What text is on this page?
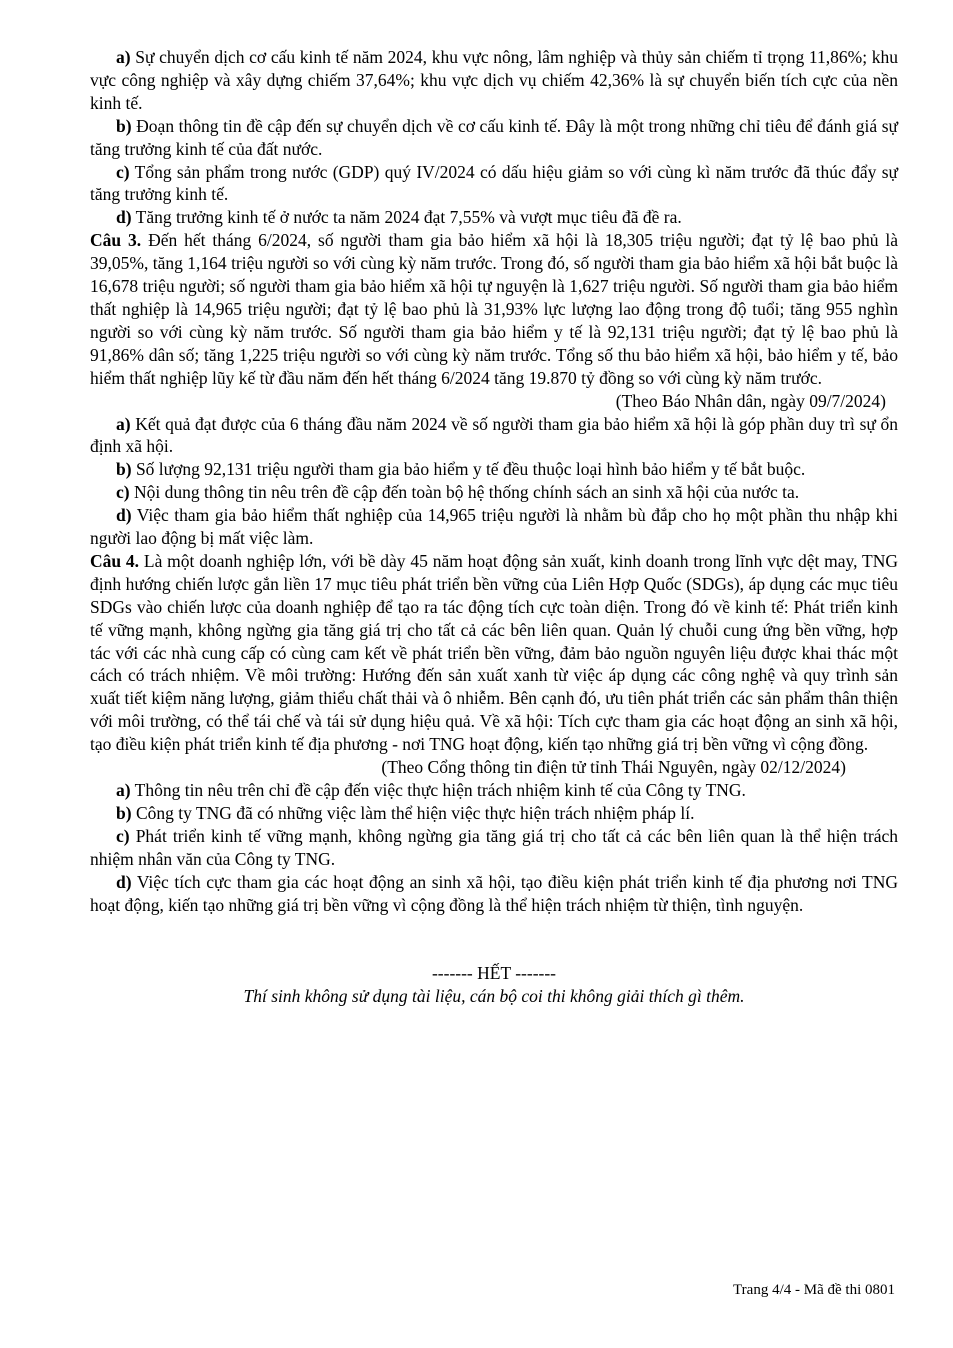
a) Sự chuyển dịch cơ cấu kinh tế năm 2024, khu vực nông, lâm nghiệp và thủy sản chiếm tỉ trọng 11,86%; khu vực công nghiệp và xây dựng chiếm 37,64%; khu vực dịch vụ chiếm 42,36% là sự chuyển biến tích cực của nền kinh tế.

b) Đoạn thông tin đề cập đến sự chuyển dịch về cơ cấu kinh tế. Đây là một trong những chỉ tiêu để đánh giá sự tăng trưởng kinh tế của đất nước.

c) Tổng sản phẩm trong nước (GDP) quý IV/2024 có dấu hiệu giảm so với cùng kì năm trước đã thúc đẩy sự tăng trưởng kinh tế.

d) Tăng trưởng kinh tế ở nước ta năm 2024 đạt 7,55% và vượt mục tiêu đã đề ra.

Câu 3. Đến hết tháng 6/2024, số người tham gia bảo hiểm xã hội là 18,305 triệu người; đạt tỷ lệ bao phủ là 39,05%, tăng 1,164 triệu người so với cùng kỳ năm trước. Trong đó, số người tham gia bảo hiểm xã hội bắt buộc là 16,678 triệu người; số người tham gia bảo hiểm xã hội tự nguyện là 1,627 triệu người. Số người tham gia bảo hiểm thất nghiệp là 14,965 triệu người; đạt tỷ lệ bao phủ là 31,93% lực lượng lao động trong độ tuổi; tăng 955 nghìn người so với cùng kỳ năm trước. Số người tham gia bảo hiểm y tế là 92,131 triệu người; đạt tỷ lệ bao phủ là 91,86% dân số; tăng 1,225 triệu người so với cùng kỳ năm trước. Tổng số thu bảo hiểm xã hội, bảo hiểm y tế, bảo hiểm thất nghiệp lũy kế từ đầu năm đến hết tháng 6/2024 tăng 19.870 tỷ đồng so với cùng kỳ năm trước.

(Theo Báo Nhân dân, ngày 09/7/2024)

a) Kết quả đạt được của 6 tháng đầu năm 2024 về số người tham gia bảo hiểm xã hội là góp phần duy trì sự ổn định xã hội.

b) Số lượng 92,131 triệu người tham gia bảo hiểm y tế đều thuộc loại hình bảo hiểm y tế bắt buộc.

c) Nội dung thông tin nêu trên đề cập đến toàn bộ hệ thống chính sách an sinh xã hội của nước ta.

d) Việc tham gia bảo hiểm thất nghiệp của 14,965 triệu người là nhằm bù đắp cho họ một phần thu nhập khi người lao động bị mất việc làm.

Câu 4. Là một doanh nghiệp lớn, với bề dày 45 năm hoạt động sản xuất, kinh doanh trong lĩnh vực dệt may, TNG định hướng chiến lược gắn liền 17 mục tiêu phát triển bền vững của Liên Hợp Quốc (SDGs), áp dụng các mục tiêu SDGs vào chiến lược của doanh nghiệp để tạo ra tác động tích cực toàn diện. Trong đó về kinh tế: Phát triển kinh tế vững mạnh, không ngừng gia tăng giá trị cho tất cả các bên liên quan. Quản lý chuỗi cung ứng bền vững, hợp tác với các nhà cung cấp có cùng cam kết về phát triển bền vững, đảm bảo nguồn nguyên liệu được khai thác một cách có trách nhiệm. Về môi trường: Hướng đến sản xuất xanh từ việc áp dụng các công nghệ và quy trình sản xuất tiết kiệm năng lượng, giảm thiểu chất thải và ô nhiễm. Bên cạnh đó, ưu tiên phát triển các sản phẩm thân thiện với môi trường, có thể tái chế và tái sử dụng hiệu quả. Về xã hội: Tích cực tham gia các hoạt động an sinh xã hội, tạo điều kiện phát triển kinh tế địa phương - nơi TNG hoạt động, kiến tạo những giá trị bền vững vì cộng đồng.

(Theo Cổng thông tin điện tử tỉnh Thái Nguyên, ngày 02/12/2024)

a) Thông tin nêu trên chỉ đề cập đến việc thực hiện trách nhiệm kinh tế của Công ty TNG.

b) Công ty TNG đã có những việc làm thể hiện việc thực hiện trách nhiệm pháp lí.

c) Phát triển kinh tế vững mạnh, không ngừng gia tăng giá trị cho tất cả các bên liên quan là thể hiện trách nhiệm nhân văn của Công ty TNG.

d) Việc tích cực tham gia các hoạt động an sinh xã hội, tạo điều kiện phát triển kinh tế địa phương nơi TNG hoạt động, kiến tạo những giá trị bền vững vì cộng đồng là thể hiện trách nhiệm từ thiện, tình nguyện.

------- HẾT -------

Thí sinh không sử dụng tài liệu, cán bộ coi thi không giải thích gì thêm.

Trang 4/4 - Mã đề thi 0801
